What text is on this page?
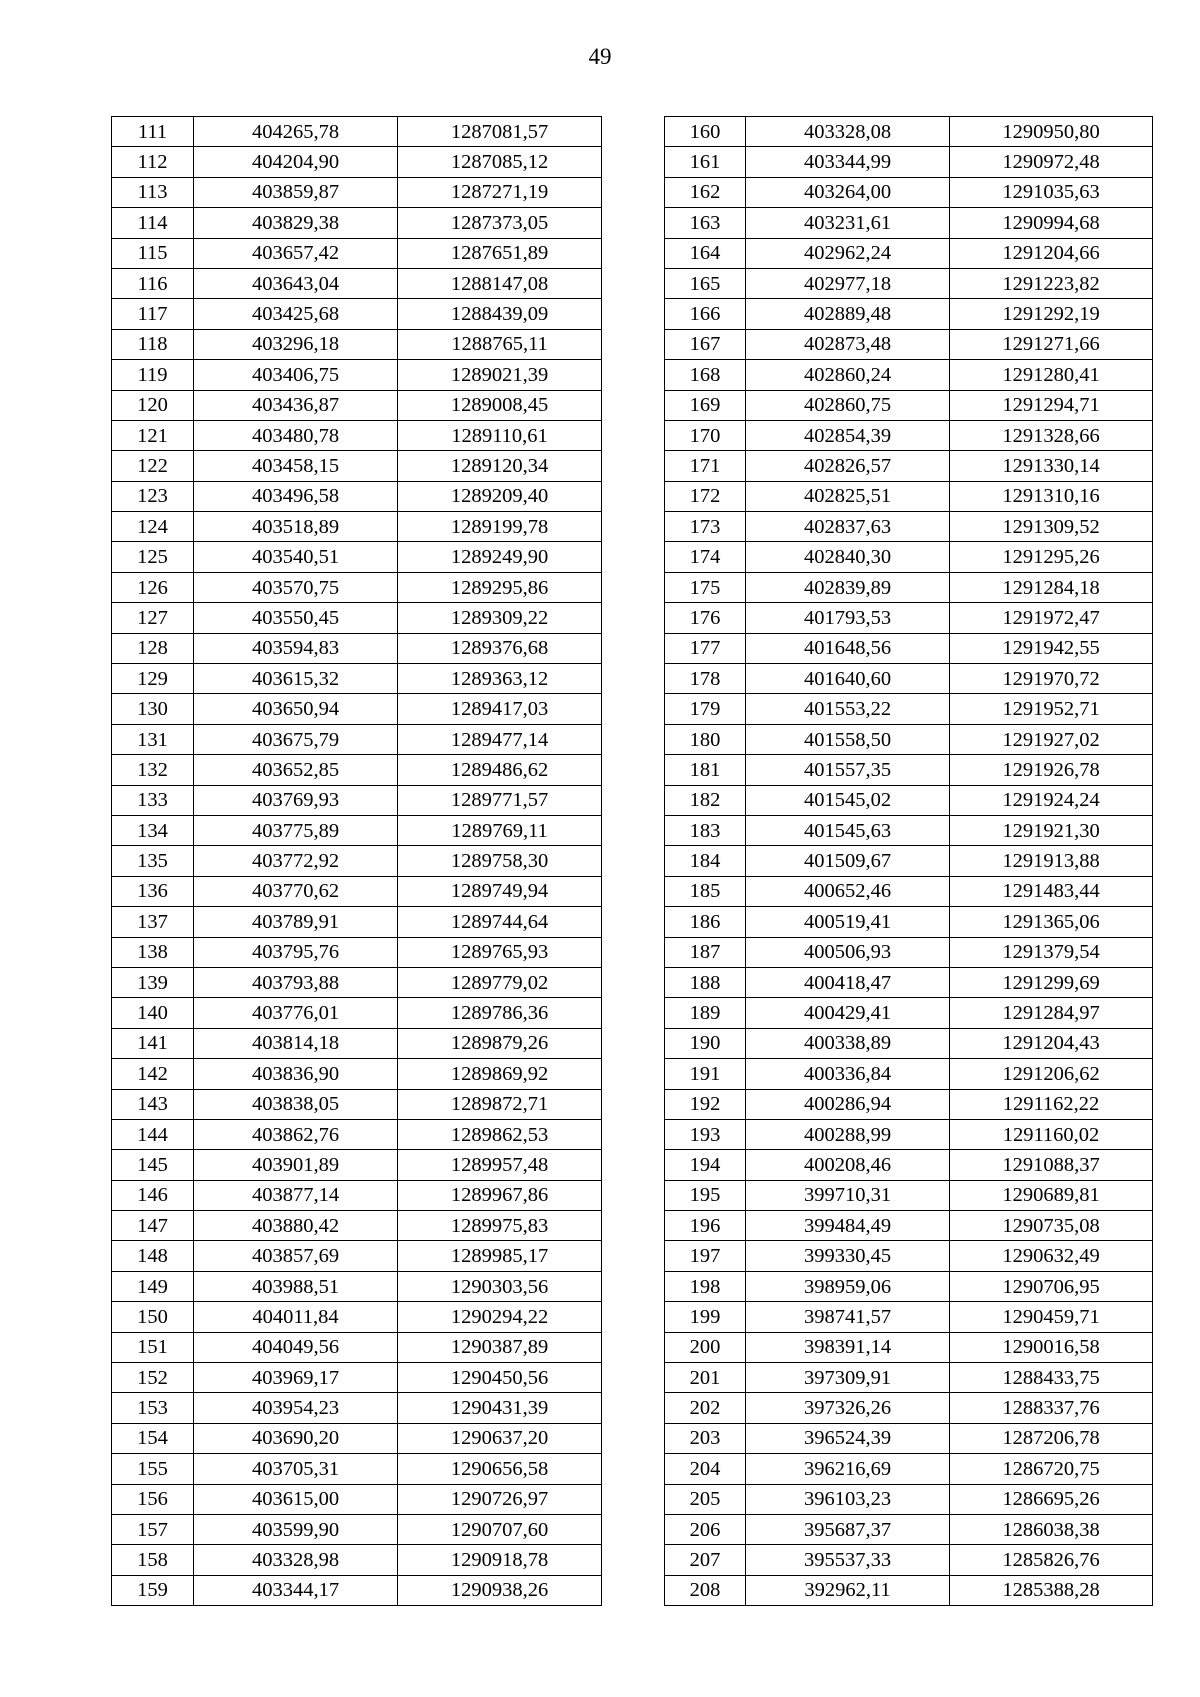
49
111	404265,78	1287081,57
112	404204,90	1287085,12
113	403859,87	1287271,19
114	403829,38	1287373,05
115	403657,42	1287651,89
116	403643,04	1288147,08
117	403425,68	1288439,09
118	403296,18	1288765,11
119	403406,75	1289021,39
120	403436,87	1289008,45
121	403480,78	1289110,61
122	403458,15	1289120,34
123	403496,58	1289209,40
124	403518,89	1289199,78
125	403540,51	1289249,90
126	403570,75	1289295,86
127	403550,45	1289309,22
128	403594,83	1289376,68
129	403615,32	1289363,12
130	403650,94	1289417,03
131	403675,79	1289477,14
132	403652,85	1289486,62
133	403769,93	1289771,57
134	403775,89	1289769,11
135	403772,92	1289758,30
136	403770,62	1289749,94
137	403789,91	1289744,64
138	403795,76	1289765,93
139	403793,88	1289779,02
140	403776,01	1289786,36
141	403814,18	1289879,26
142	403836,90	1289869,92
143	403838,05	1289872,71
144	403862,76	1289862,53
145	403901,89	1289957,48
146	403877,14	1289967,86
147	403880,42	1289975,83
148	403857,69	1289985,17
149	403988,51	1290303,56
150	404011,84	1290294,22
151	404049,56	1290387,89
152	403969,17	1290450,56
153	403954,23	1290431,39
154	403690,20	1290637,20
155	403705,31	1290656,58
156	403615,00	1290726,97
157	403599,90	1290707,60
158	403328,98	1290918,78
159	403344,17	1290938,26
160	403328,08	1290950,80
161	403344,99	1290972,48
162	403264,00	1291035,63
163	403231,61	1290994,68
164	402962,24	1291204,66
165	402977,18	1291223,82
166	402889,48	1291292,19
167	402873,48	1291271,66
168	402860,24	1291280,41
169	402860,75	1291294,71
170	402854,39	1291328,66
171	402826,57	1291330,14
172	402825,51	1291310,16
173	402837,63	1291309,52
174	402840,30	1291295,26
175	402839,89	1291284,18
176	401793,53	1291972,47
177	401648,56	1291942,55
178	401640,60	1291970,72
179	401553,22	1291952,71
180	401558,50	1291927,02
181	401557,35	1291926,78
182	401545,02	1291924,24
183	401545,63	1291921,30
184	401509,67	1291913,88
185	400652,46	1291483,44
186	400519,41	1291365,06
187	400506,93	1291379,54
188	400418,47	1291299,69
189	400429,41	1291284,97
190	400338,89	1291204,43
191	400336,84	1291206,62
192	400286,94	1291162,22
193	400288,99	1291160,02
194	400208,46	1291088,37
195	399710,31	1290689,81
196	399484,49	1290735,08
197	399330,45	1290632,49
198	398959,06	1290706,95
199	398741,57	1290459,71
200	398391,14	1290016,58
201	397309,91	1288433,75
202	397326,26	1288337,76
203	396524,39	1287206,78
204	396216,69	1286720,75
205	396103,23	1286695,26
206	395687,37	1286038,38
207	395537,33	1285826,76
208	392962,11	1285388,28
